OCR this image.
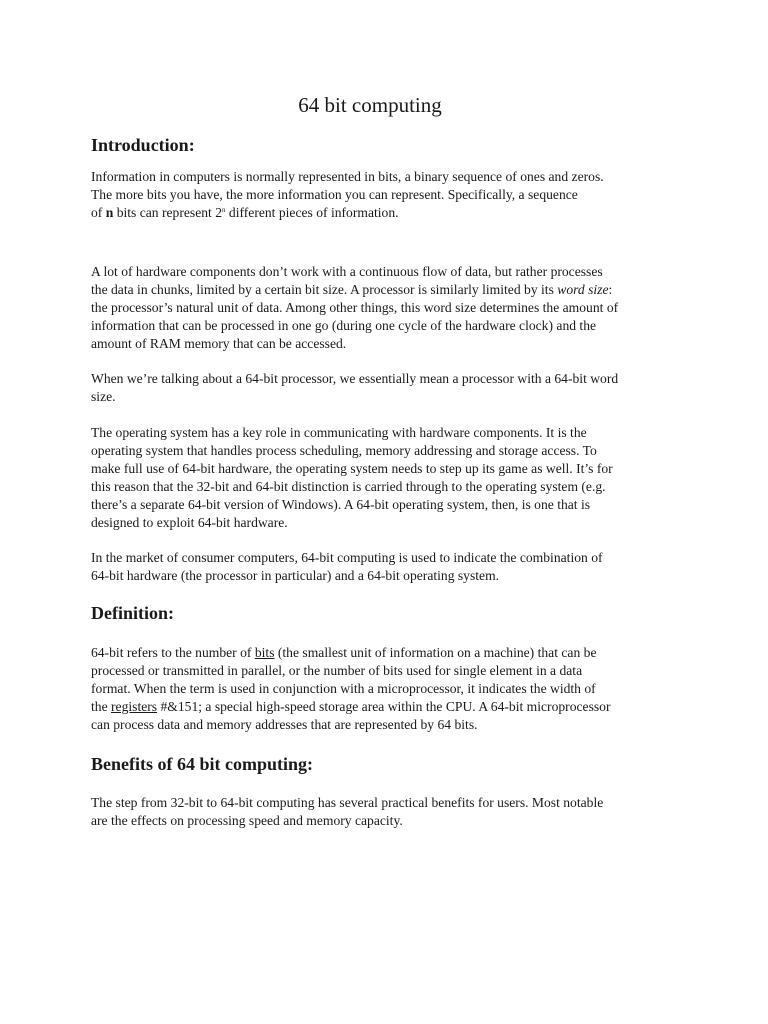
64 bit computing
Introduction:

Information in computers is normally represented in bits, a binary sequence of ones and zeros.
The more bits you have, the more information you can represent. Specifically, a sequence
of n bits can represent 2$^n$ different pieces of information.

A lot of hardware components don’t work with a continuous flow of data, but rather processes
the data in chunks, limited by a certain bit size. A processor is similarly limited by its word size:
the processor’s natural unit of data. Among other things, this word size determines the amount of
information that can be processed in one go (during one cycle of the hardware clock) and the
amount of RAM memory that can be accessed.

When we’re talking about a 64-bit processor, we essentially mean a processor with a 64-bit word
size.

The operating system has a key role in communicating with hardware components. It is the
operating system that handles process scheduling, memory addressing and storage access. To
make full use of 64-bit hardware, the operating system needs to step up its game as well. It’s for
this reason that the 32-bit and 64-bit distinction is carried through to the operating system (e.g.
there’s a separate 64-bit version of Windows). A 64-bit operating system, then, is one that is
designed to exploit 64-bit hardware.

In the market of consumer computers, 64-bit computing is used to indicate the combination of
64-bit hardware (the processor in particular) and a 64-bit operating system.

Definition:

64-bit refers to the number of bits (the smallest unit of information on a machine) that can be
processed or transmitted in parallel, or the number of bits used for single element in a data
format. When the term is used in conjunction with a microprocessor, it indicates the width of
the registers #&151; a special high-speed storage area within the CPU. A 64-bit microprocessor
can process data and memory addresses that are represented by 64 bits.

Benefits of 64 bit computing:

The step from 32-bit to 64-bit computing has several practical benefits for users. Most notable
are the effects on processing speed and memory capacity.
